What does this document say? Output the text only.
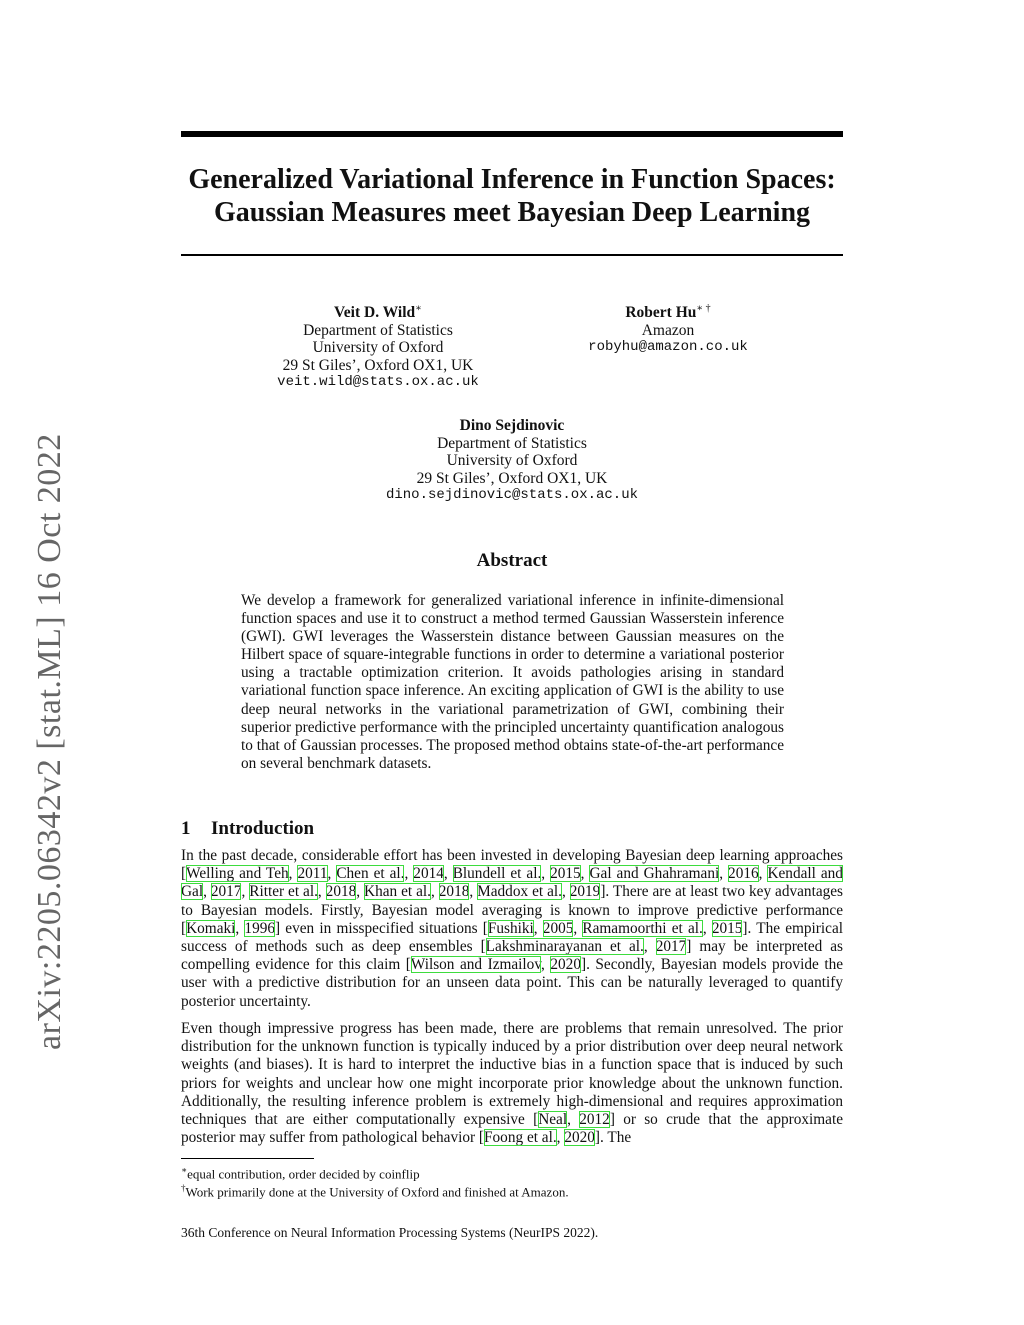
arXiv:2205.06342v2 [stat.ML] 16 Oct 2022
Generalized Variational Inference in Function Spaces:
Gaussian Measures meet Bayesian Deep Learning
Veit D. Wild∗
Department of Statistics
University of Oxford
29 St Giles’, Oxford OX1, UK
veit.wild@stats.ox.ac.uk
Robert Hu∗ †
Amazon
robyhu@amazon.co.uk
Dino Sejdinovic
Department of Statistics
University of Oxford
29 St Giles’, Oxford OX1, UK
dino.sejdinovic@stats.ox.ac.uk
Abstract
We develop a framework for generalized variational inference in infinite-dimensional function spaces and use it to construct a method termed Gaussian Wasserstein inference (GWI). GWI leverages the Wasserstein distance between Gaussian measures on the Hilbert space of square-integrable functions in order to determine a variational posterior using a tractable optimization criterion. It avoids pathologies arising in standard variational function space inference. An exciting application of GWI is the ability to use deep neural networks in the variational parametrization of GWI, combining their superior predictive performance with the principled uncertainty quantification analogous to that of Gaussian processes. The proposed method obtains state-of-the-art performance on several benchmark datasets.
1 Introduction
In the past decade, considerable effort has been invested in developing Bayesian deep learning approaches [Welling and Teh, 2011, Chen et al., 2014, Blundell et al., 2015, Gal and Ghahramani, 2016, Kendall and Gal, 2017, Ritter et al., 2018, Khan et al., 2018, Maddox et al., 2019]. There are at least two key advantages to Bayesian models. Firstly, Bayesian model averaging is known to improve predictive performance [Komaki, 1996] even in misspecified situations [Fushiki, 2005, Ramamoorthi et al., 2015]. The empirical success of methods such as deep ensembles [Lakshminarayanan et al., 2017] may be interpreted as compelling evidence for this claim [Wilson and Izmailov, 2020]. Secondly, Bayesian models provide the user with a predictive distribution for an unseen data point. This can be naturally leveraged to quantify posterior uncertainty.
Even though impressive progress has been made, there are problems that remain unresolved. The prior distribution for the unknown function is typically induced by a prior distribution over deep neural network weights (and biases). It is hard to interpret the inductive bias in a function space that is induced by such priors for weights and unclear how one might incorporate prior knowledge about the unknown function. Additionally, the resulting inference problem is extremely high-dimensional and requires approximation techniques that are either computationally expensive [Neal, 2012] or so crude that the approximate posterior may suffer from pathological behavior [Foong et al., 2020]. The
∗equal contribution, order decided by coinflip
†Work primarily done at the University of Oxford and finished at Amazon.
36th Conference on Neural Information Processing Systems (NeurIPS 2022).
